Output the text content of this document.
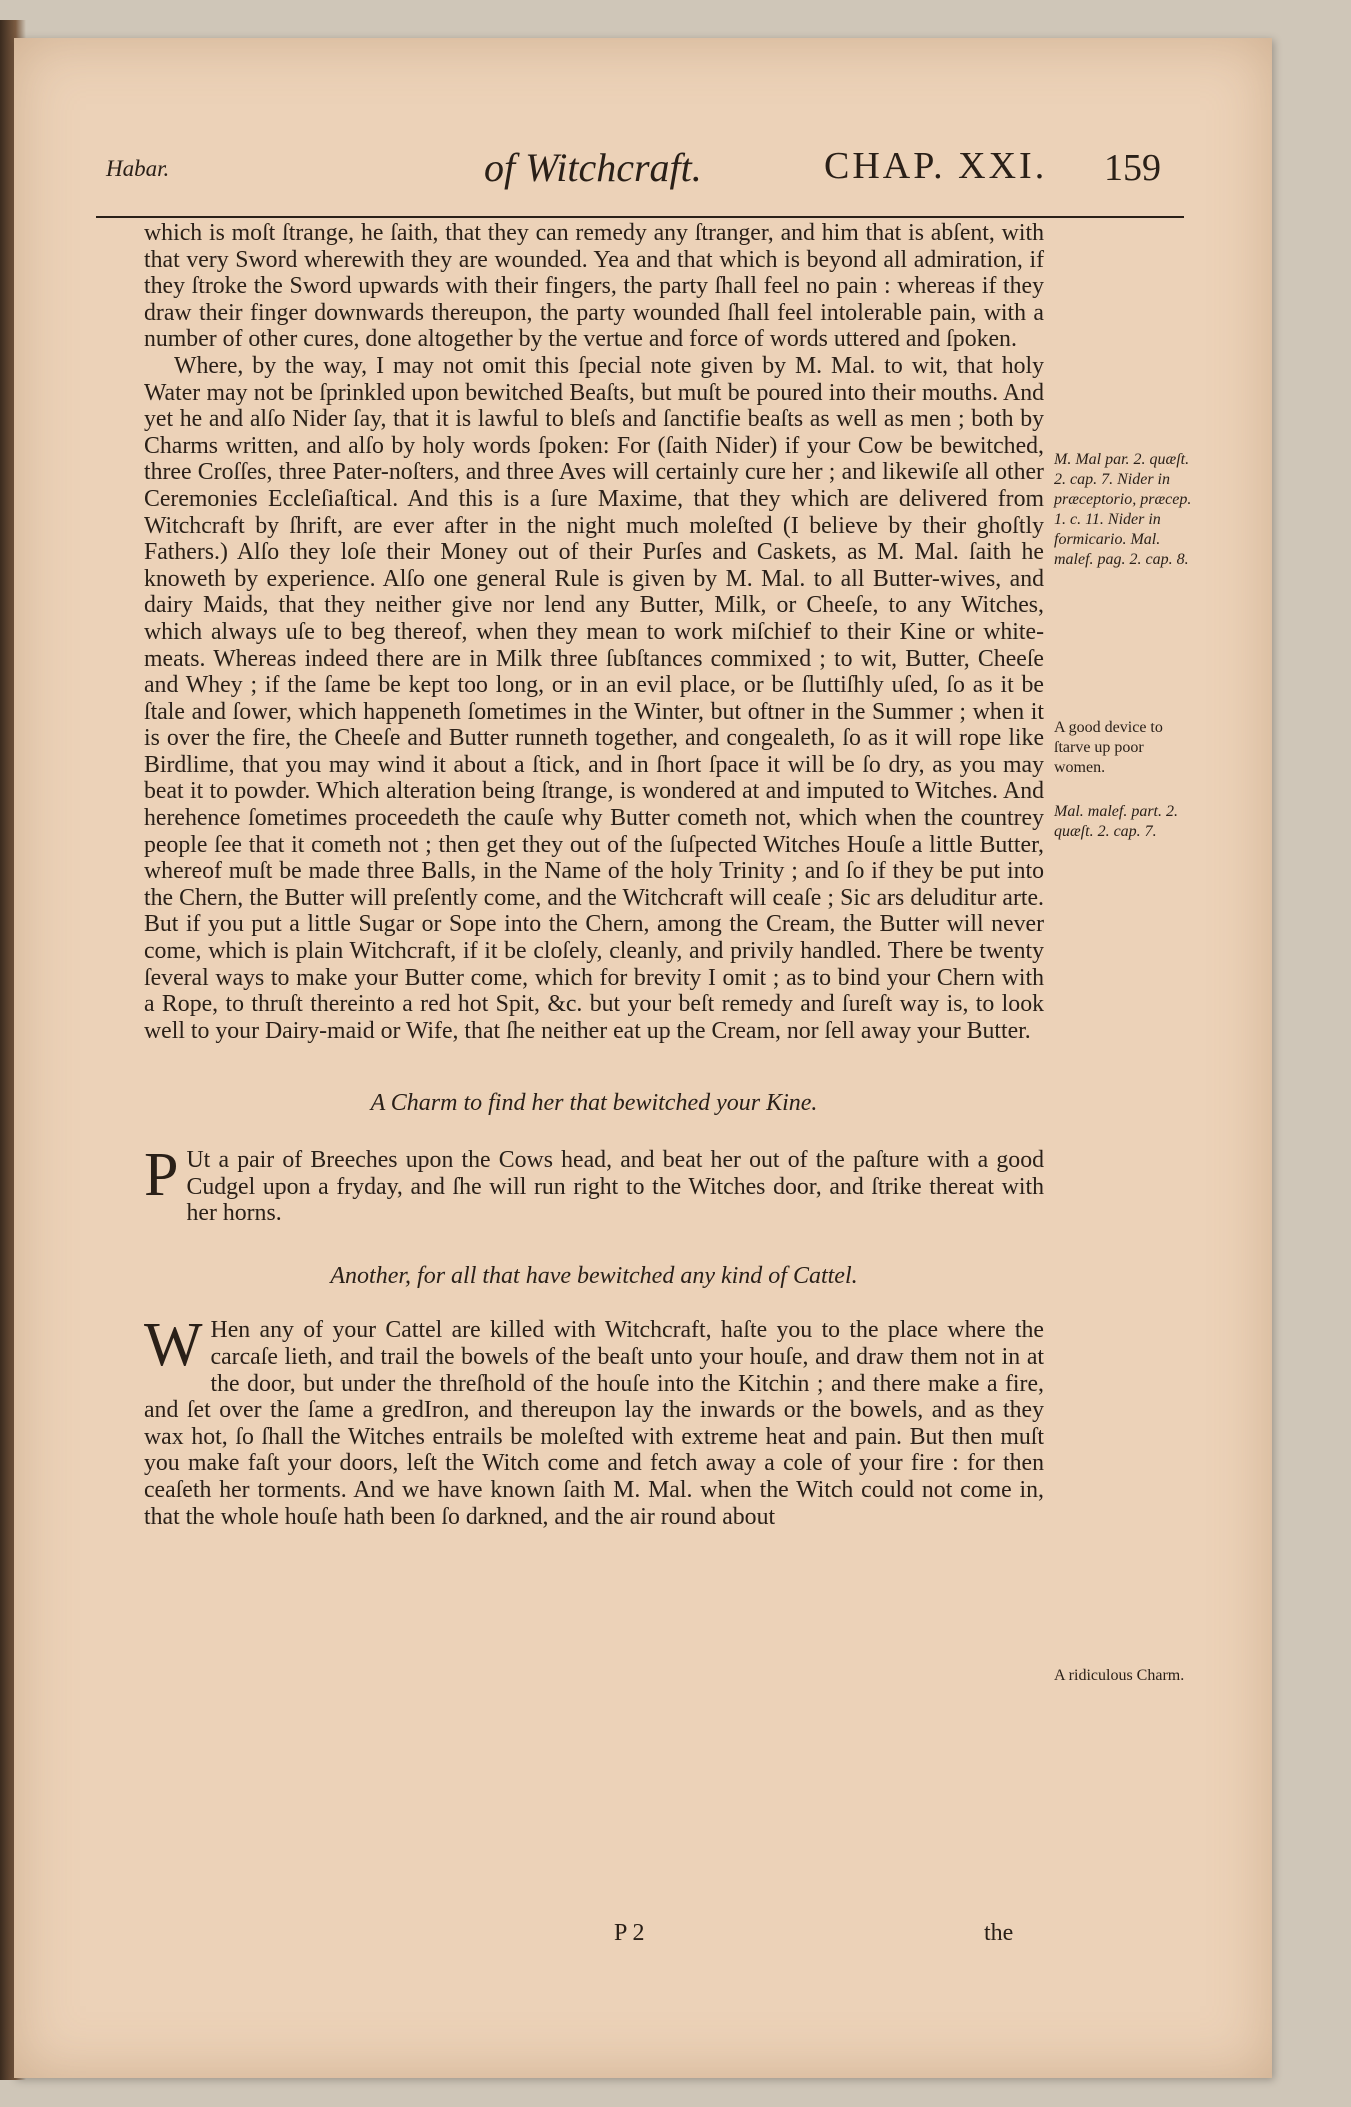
Habar.	of Witchcraft.	CHAP. XXI. 159

which is moſt ſtrange, he ſaith, that they can remedy any ſtranger, and him that is abſent, with that very Sword wherewith they are wounded. Yea and that which is beyond all admiration, if they ſtroke the Sword upwards with their fingers, the party ſhall feel no pain : whereas if they draw their finger downwards thereupon, the party wounded ſhall feel intolerable pain, with a number of other cures, done altogether by the vertue and force of words uttered and ſpoken.

Where, by the way, I may not omit this ſpecial note given by M. Mal. to wit, that holy Water may not be ſprinkled upon bewitched Beaſts, but muſt be poured into their mouths. And yet he and alſo Nider ſay, that it is lawful to bleſs and ſanctifie beaſts as well as men ; both by Charms written, and alſo by holy words ſpoken: For (ſaith Nider) if your Cow be bewitched, three Croſſes, three Pater-noſters, and three Aves will certainly cure her ; and likewiſe all other Ceremonies Eccleſiaſtical. And this is a ſure Maxime, that they which are delivered from Witchcraft by ſhrift, are ever after in the night much moleſted (I believe by their ghoſtly Fathers.) Alſo they loſe their Money out of their Purſes and Caskets, as M. Mal. ſaith he knoweth by experience. Alſo one general Rule is given by M. Mal. to all Butter-wives, and dairy Maids, that they neither give nor lend any Butter, Milk, or Cheeſe, to any Witches, which always uſe to beg thereof, when they mean to work miſchief to their Kine or white-meats. Whereas indeed there are in Milk three ſubſtances commixed ; to wit, Butter, Cheeſe and Whey ; if the ſame be kept too long, or in an evil place, or be ſluttiſhly uſed, ſo as it be ſtale and ſower, which happeneth ſometimes in the Winter, but oftner in the Summer ; when it is over the fire, the Cheeſe and Butter runneth together, and congealeth, ſo as it will rope like Birdlime, that you may wind it about a ſtick, and in ſhort ſpace it will be ſo dry, as you may beat it to powder. Which alteration being ſtrange, is wondered at and imputed to Witches. And herehence ſometimes proceedeth the cauſe why Butter cometh not, which when the countrey people ſee that it cometh not ; then get they out of the ſuſpected Witches Houſe a little Butter, whereof muſt be made three Balls, in the Name of the holy Trinity ; and ſo if they be put into the Chern, the Butter will preſently come, and the Witchcraft will ceaſe ; Sic ars deluditur arte. But if you put a little Sugar or Sope into the Chern, among the Cream, the Butter will never come, which is plain Witchcraft, if it be cloſely, cleanly, and privily handled. There be twenty ſeveral ways to make your Butter come, which for brevity I omit ; as to bind your Chern with a Rope, to thruſt thereinto a red hot Spit, &c. but your beſt remedy and ſureſt way is, to look well to your Dairy-maid or Wife, that ſhe neither eat up the Cream, nor ſell away your Butter.

A Charm to find her that bewitched your Kine.

P Ut a pair of Breeches upon the Cows head, and beat her out of the paſture with a good Cudgel upon a fryday, and ſhe will run right to the Witches door, and ſtrike thereat with her horns.

Another, for all that have bewitched any kind of Cattel.

W Hen any of your Cattel are killed with Witchcraft, haſte you to the place where the carcaſe lieth, and trail the bowels of the beaſt unto your houſe, and draw them not in at the door, but under the threſhold of the houſe into the Kitchin ; and there make a fire, and ſet over the ſame a gredIron, and thereupon lay the inwards or the bowels, and as they wax hot, ſo ſhall the Witches entrails be moleſted with extreme heat and pain. But then muſt you make faſt your doors, leſt the Witch come and fetch away a cole of your fire : for then ceaſeth her torments. And we have known ſaith M. Mal. when the Witch could not come in, that the whole houſe hath been ſo darkned, and the air round about

M. Mal par. 2. quæſt. 2. cap. 7. Nider in præceptorio, præcep. 1. c. 11. Nider in formicario. Mal. malef. pag. 2. cap. 8.
A good device to ſtarve up poor women.
Mal. malef. part. 2. quæſt. 2. cap. 7.
A ridiculous Charm.
P 2	the
